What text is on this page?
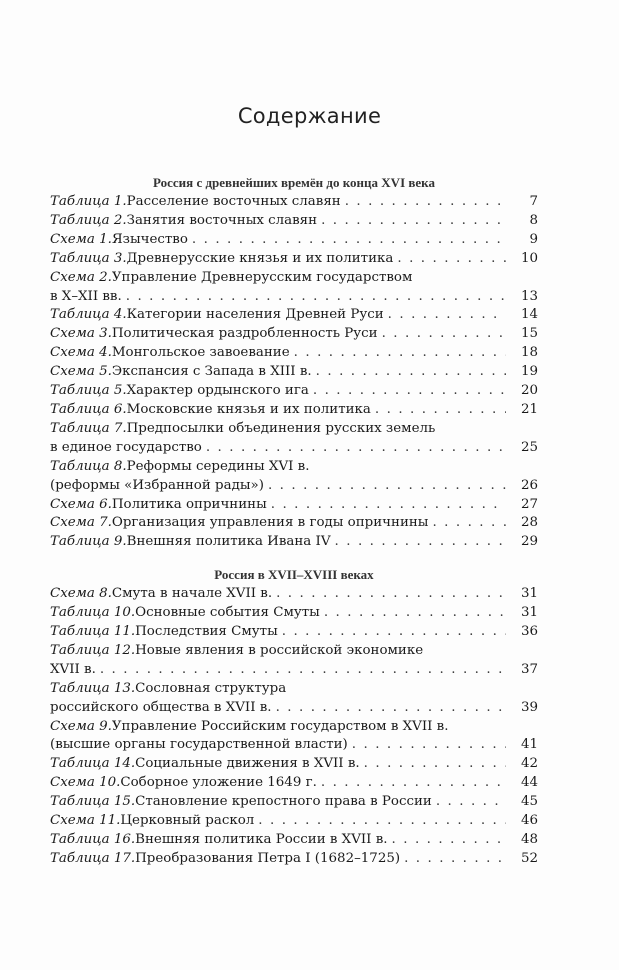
Содержание
Россия с древнейших времён до конца XVI века
Таблица 1. Расселение восточных славян . . .	7
Таблица 2. Занятия восточных славян . . .	8
Схема 1. Язычество . . .	9
Таблица 3. Древнерусские князья и их политика . . .	10
Схема 2. Управление Древнерусским государством
в X–XII вв. . . .	13
Таблица 4. Категории населения Древней Руси . . .	14
Схема 3. Политическая раздробленность Руси . . .	15
Схема 4. Монгольское завоевание . . .	18
Схема 5. Экспансия с Запада в XIII в. . . .	19
Таблица 5. Характер ордынского ига . . .	20
Таблица 6. Московские князья и их политика . . .	21
Таблица 7. Предпосылки объединения русских земель
в единое государство . . .	25
Таблица 8. Реформы середины XVI в.
(реформы «Избранной рады») . . .	26
Схема 6. Политика опричнины . . .	27
Схема 7. Организация управления в годы опричнины . . .	28
Таблица 9. Внешняя политика Ивана IV . . .	29
Россия в XVII–XVIII веках
Схема 8. Смута в начале XVII в. . . .	31
Таблица 10. Основные события Смуты . . .	31
Таблица 11. Последствия Смуты . . .	36
Таблица 12. Новые явления в российской экономике
XVII в. . . .	37
Таблица 13. Сословная структура
российского общества в XVII в. . . .	39
Схема 9. Управление Российским государством в XVII в.
(высшие органы государственной власти) . . .	41
Таблица 14. Социальные движения в XVII в. . . .	42
Схема 10. Соборное уложение 1649 г. . . .	44
Таблица 15. Становление крепостного права в России . . .	45
Схема 11. Церковный раскол . . .	46
Таблица 16. Внешняя политика России в XVII в. . . .	48
Таблица 17. Преобразования Петра I (1682–1725) . . .	52
